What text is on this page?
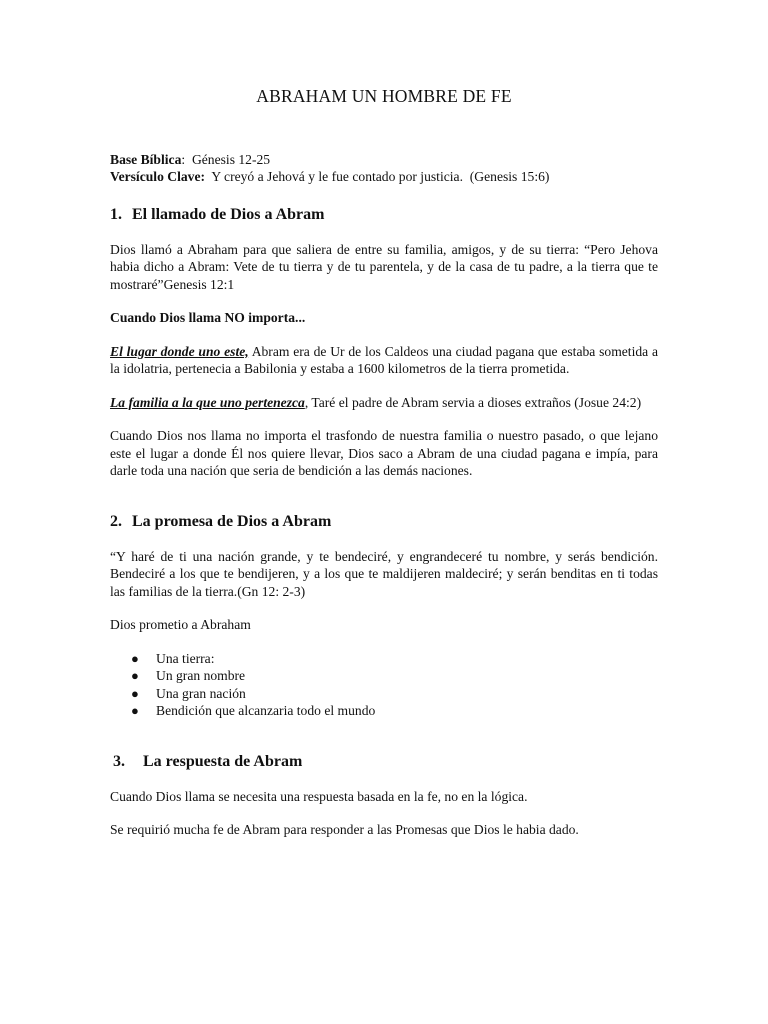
ABRAHAM UN HOMBRE DE FE

Base Bíblica:  Génesis 12-25

Versículo Clave:  Y creyó a Jehová y le fue contado por justicia.  (Genesis 15:6)

1. El llamado de Dios a Abram

Dios llamó a Abraham para que saliera de entre su familia, amigos, y de su tierra: “Pero Jehova habia dicho a Abram: Vete de tu tierra y de tu parentela, y de la casa de tu padre, a la tierra que te mostraré”Genesis 12:1

Cuando Dios llama NO importa...

El lugar donde uno este, Abram era de Ur de los Caldeos una ciudad pagana que estaba sometida a la idolatria, pertenecia a Babilonia y estaba a 1600 kilometros de la tierra prometida.

La familia a la que uno pertenezca, Taré el padre de Abram servia a dioses extraños (Josue 24:2)

Cuando Dios nos llama no importa el trasfondo de nuestra familia o nuestro pasado, o que lejano este el lugar a donde Él nos quiere llevar, Dios saco a Abram de una ciudad pagana e impía, para darle toda una nación que seria de bendición a las demás naciones.

2. La promesa de Dios a Abram

“Y haré de ti una nación grande, y te bendeciré, y engrandeceré tu nombre, y serás bendición. Bendeciré a los que te bendijeren, y a los que te maldijeren maldeciré; y serán benditas en ti todas las familias de la tierra.(Gn 12: 2-3)

Dios prometio a Abraham

● Una tierra:
● Un gran nombre
● Una gran nación
● Bendición que alcanzaria todo el mundo
3. La respuesta de Abram

Cuando Dios llama se necesita una respuesta basada en la fe, no en la lógica.

Se requirió mucha fe de Abram para responder a las Promesas que Dios le habia dado.
